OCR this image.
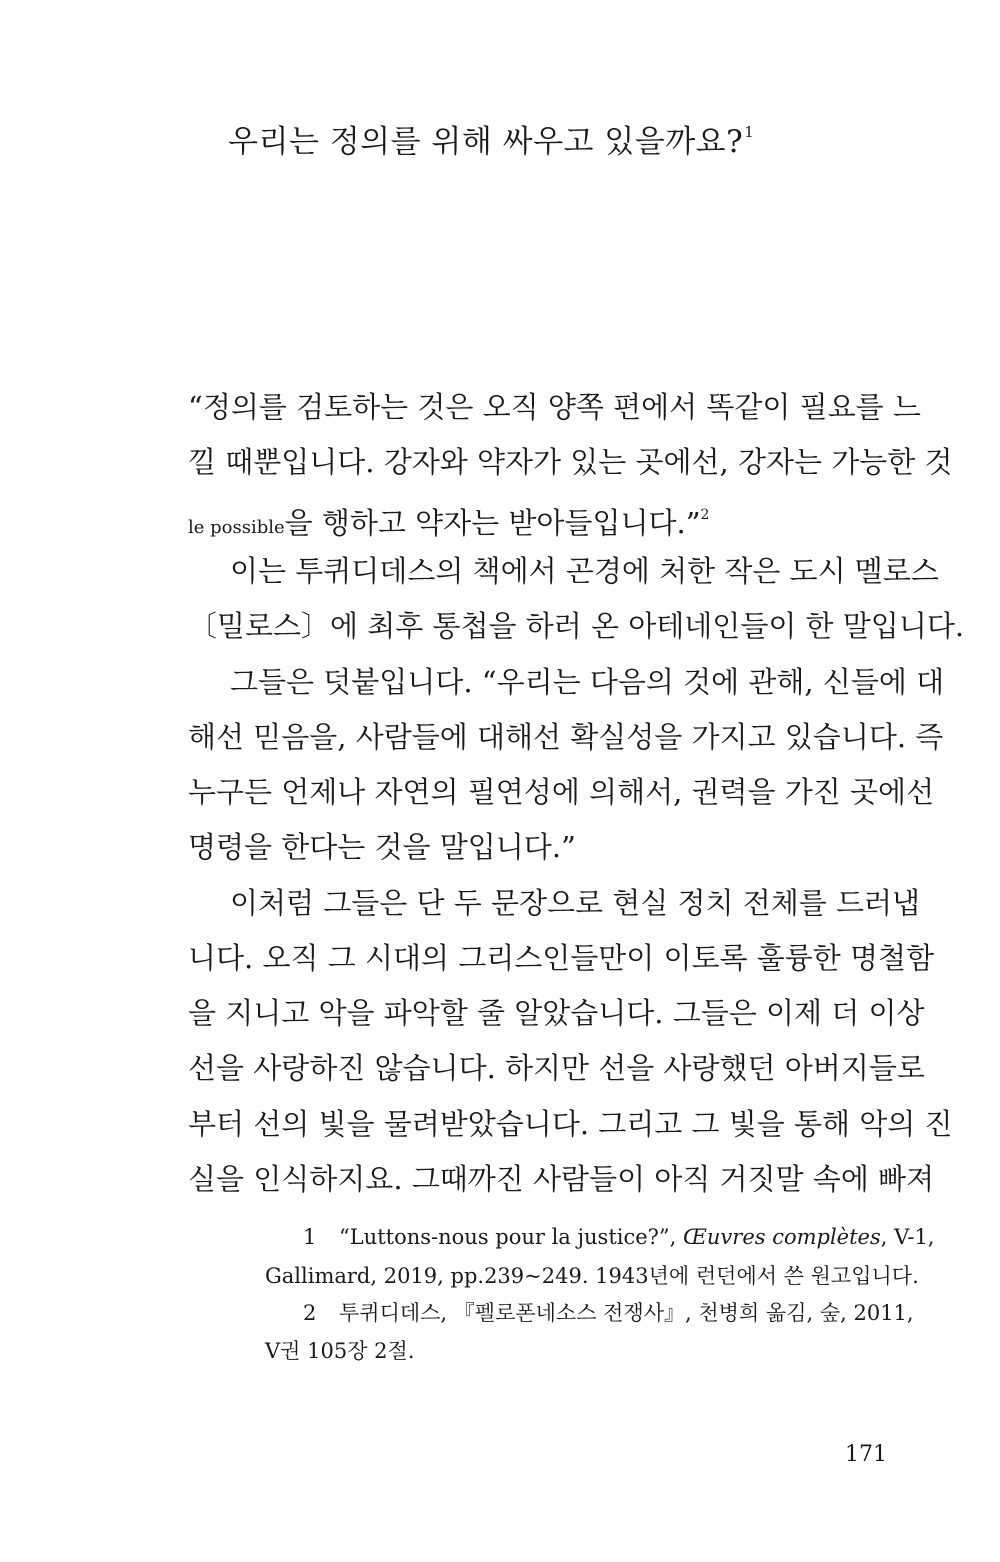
우리는 정의를 위해 싸우고 있을까요?$^1$
“정의를 검토하는 것은 오직 양쪽 편에서 똑같이 필요를 느
낄 때뿐입니다. 강자와 약자가 있는 곳에선, 강자는 가능한 것
le possible을 행하고 약자는 받아들입니다.”$^2$
이는 투퀴디데스의 책에서 곤경에 처한 작은 도시 멜로스
〔밀로스〕에 최후 통첩을 하러 온 아테네인들이 한 말입니다.
그들은 덧붙입니다. “우리는 다음의 것에 관해, 신들에 대
해선 믿음을, 사람들에 대해선 확실성을 가지고 있습니다. 즉
누구든 언제나 자연의 필연성에 의해서, 권력을 가진 곳에선
명령을 한다는 것을 말입니다.”
이처럼 그들은 단 두 문장으로 현실 정치 전체를 드러냅
니다. 오직 그 시대의 그리스인들만이 이토록 훌륭한 명철함
을 지니고 악을 파악할 줄 알았습니다. 그들은 이제 더 이상
선을 사랑하진 않습니다. 하지만 선을 사랑했던 아버지들로
부터 선의 빛을 물려받았습니다. 그리고 그 빛을 통해 악의 진
실을 인식하지요. 그때까진 사람들이 아직 거짓말 속에 빠져
1 “Luttons-nous pour la justice?”, Œuvres complètes, V-1,
Gallimard, 2019, pp.239~249. 1943년에 런던에서 쓴 원고입니다.
2 투퀴디데스, 『펠로폰네소스 전쟁사』, 천병희 옮김, 숲, 2011,
V권 105장 2절.
171
